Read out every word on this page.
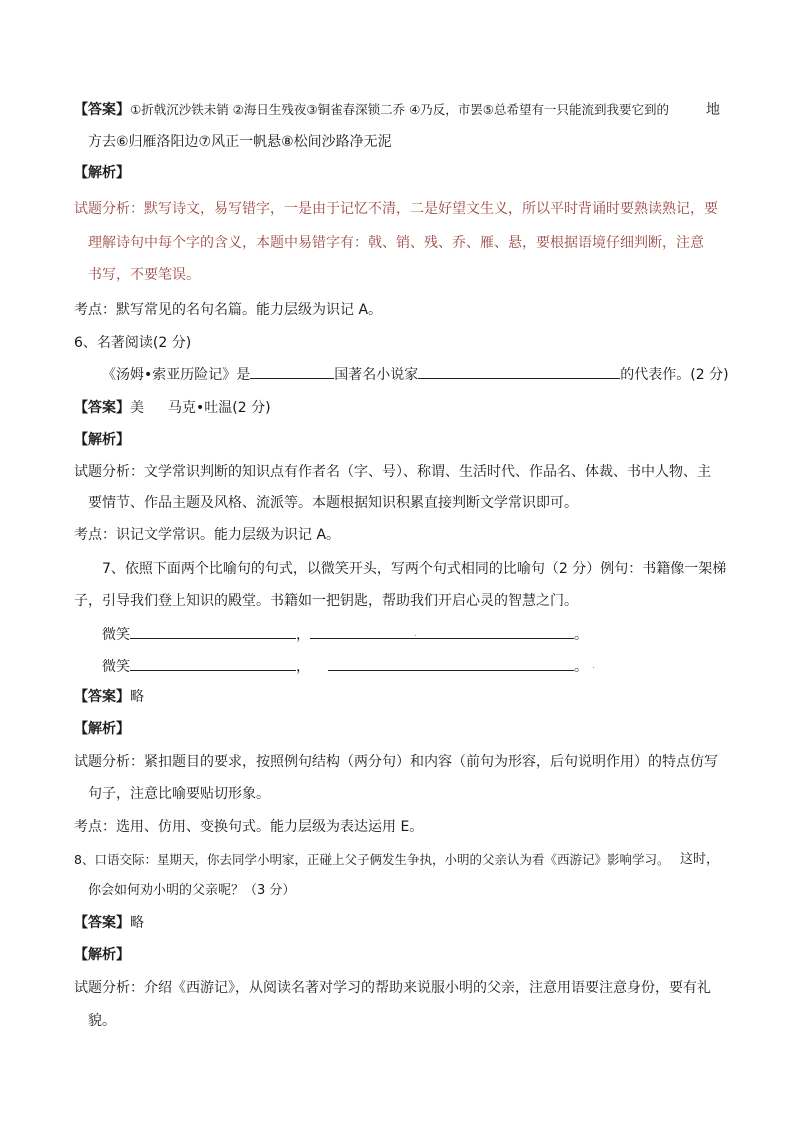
【答案】①折戟沉沙铁未销 ②海日生残夜③铜雀春深锁二乔 ④乃反，市罢⑤总希望有一只能流到我要它到的	地
方去⑥归雁洛阳边⑦风正一帆悬⑧松间沙路净无泥
【解析】
试题分析：默写诗文，易写错字，一是由于记忆不清，二是好望文生义，所以平时背诵时要熟读熟记，要
理解诗句中每个字的含义，本题中易错字有：戟、销、残、乔、雁、悬，要根据语境仔细判断，注意
书写，不要笔误。
考点：默写常见的名句名篇。能力层级为识记 A。
6、名著阅读(2 分)
《汤姆•索亚历险记》是	国著名小说家	的代表作。(2 分)
【答案】美 马克•吐温(2 分)
【解析】
试题分析：文学常识判断的知识点有作者名（字、号）、称谓、生活时代、作品名、体裁、书中人物、主
要情节、作品主题及风格、流派等。本题根据知识积累直接判断文学常识即可。
考点：识记文学常识。能力层级为识记 A。
7、依照下面两个比喻句的句式，以微笑开头，写两个句式相同的比喻句（2 分）例句：书籍像一架梯
子，引导我们登上知识的殿堂。书籍如一把钥匙，帮助我们开启心灵的智慧之门。
微笑	，	。
.
微笑	，	。 .
【答案】略
【解析】
试题分析：紧扣题目的要求，按照例句结构（两分句）和内容（前句为形容，后句说明作用）的特点仿写
句子，注意比喻要贴切形象。
考点：选用、仿用、变换句式。能力层级为表达运用 E。
8、口语交际：星期天，你去同学小明家，正碰上父子俩发生争执，小明的父亲认为看《西游记》影响学习。 这时，
你会如何劝小明的父亲呢？（3 分）
【答案】略
【解析】
试题分析：介绍《西游记》，从阅读名著对学习的帮助来说服小明的父亲，注意用语要注意身份，要有礼
貌。
